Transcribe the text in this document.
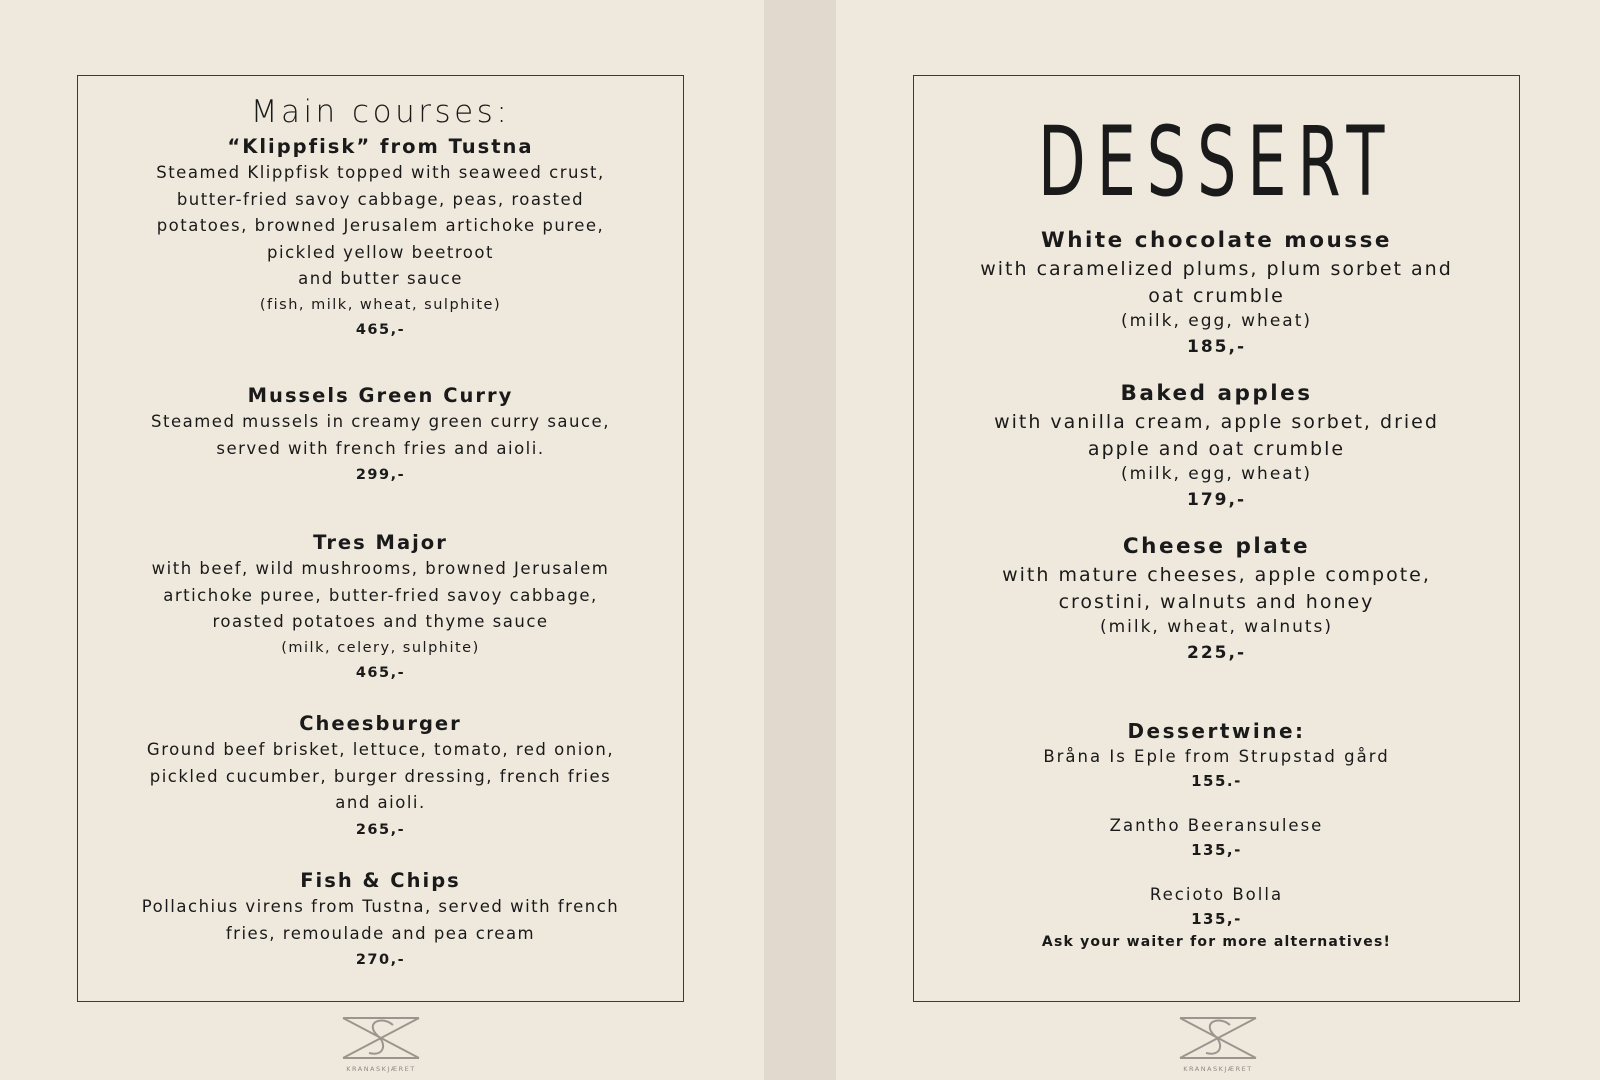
Main courses:
“Klippfisk” from Tustna
Steamed Klippfisk topped with seaweed crust,
butter-fried savoy cabbage, peas, roasted
potatoes, browned Jerusalem artichoke puree,
pickled yellow beetroot
and butter sauce
(fish, milk, wheat, sulphite)
465,-
Mussels Green Curry
Steamed mussels in creamy green curry sauce,
served with french fries and aioli.
299,-
Tres Major
with beef, wild mushrooms, browned Jerusalem
artichoke puree, butter-fried savoy cabbage,
roasted potatoes and thyme sauce
(milk, celery, sulphite)
465,-
Cheesburger
Ground beef brisket, lettuce, tomato, red onion,
pickled cucumber, burger dressing, french fries
and aioli.
265,-
Fish & Chips
Pollachius virens from Tustna, served with french
fries, remoulade and pea cream
270,-
DESSERT
White chocolate mousse
with caramelized plums, plum sorbet and
oat crumble
(milk, egg, wheat)
185,-
Baked apples
with vanilla cream, apple sorbet, dried
apple and oat crumble
(milk, egg, wheat)
179,-
Cheese plate
with mature cheeses, apple compote,
crostini, walnuts and honey
(milk, wheat, walnuts)
225,-
Dessertwine:
Bråna Is Eple from Strupstad gård
155.-
Zantho Beeransulese
135,-
Recioto Bolla
135,-
Ask your waiter for more alternatives!
KRANASKJÆRET	KRANASKJÆRET
